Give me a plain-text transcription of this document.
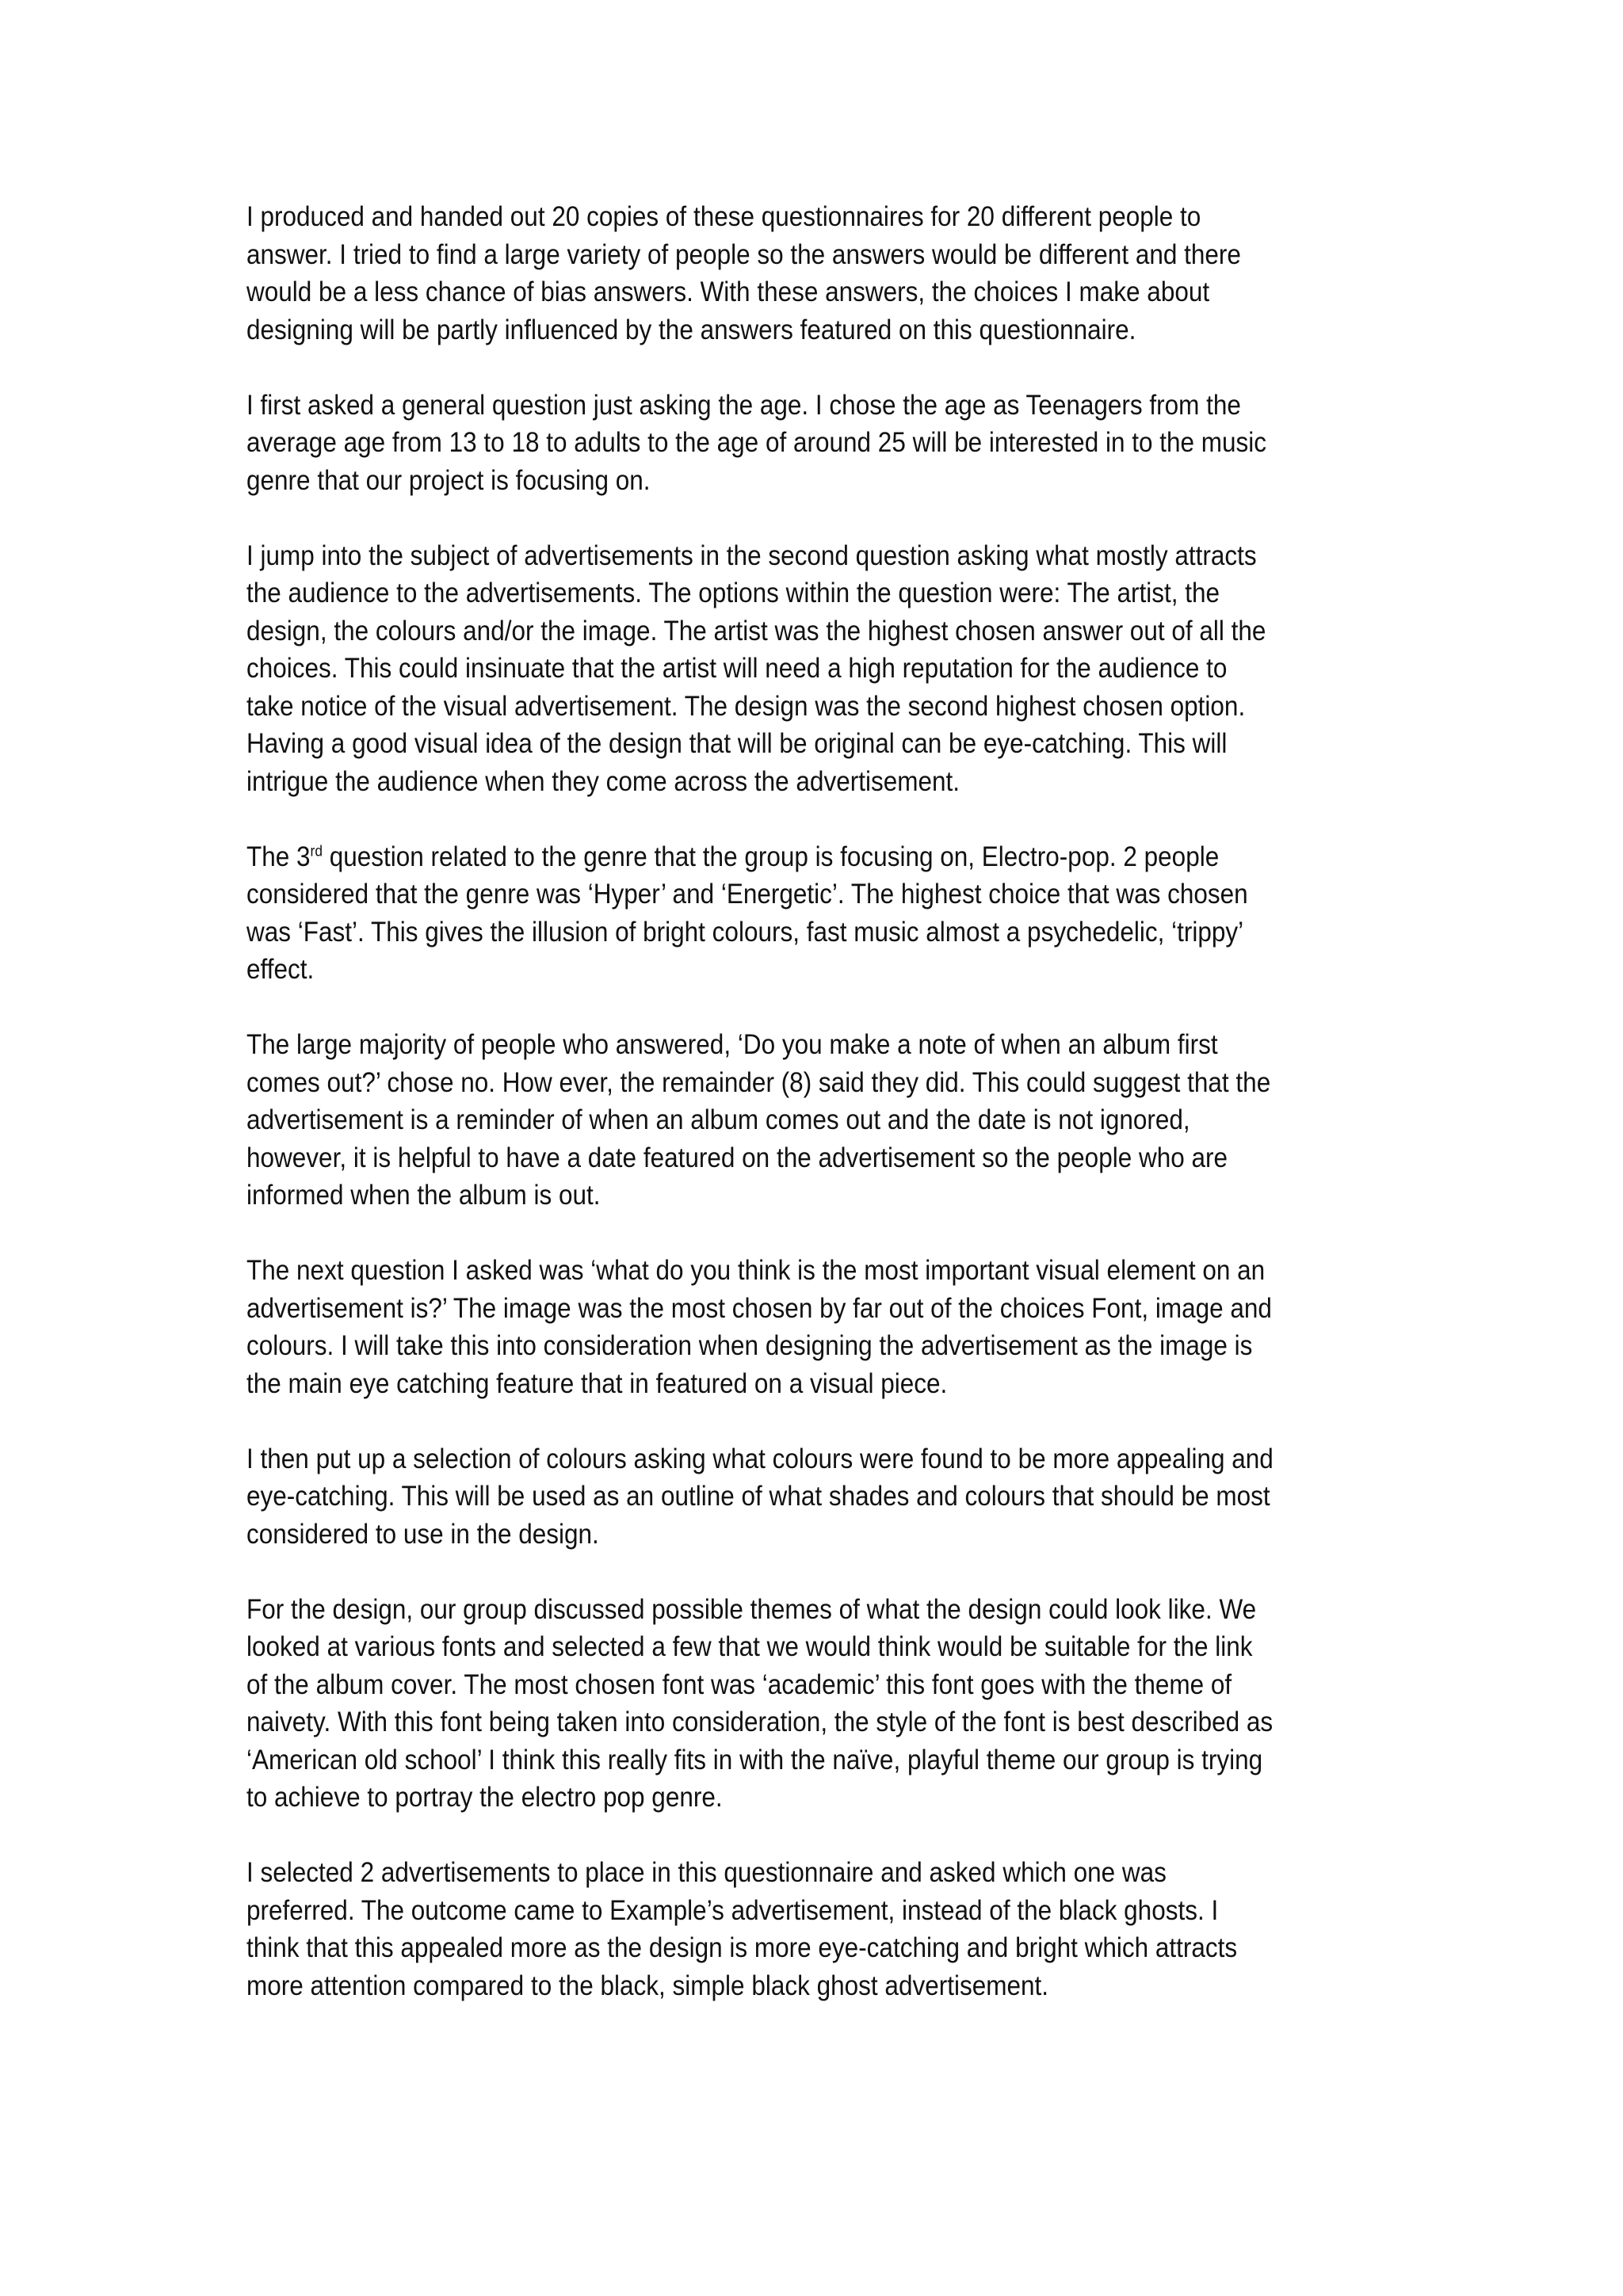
I produced and handed out 20 copies of these questionnaires for 20 different people to answer. I tried to find a large variety of people so the answers would be different and there would be a less chance of bias answers. With these answers, the choices I make about designing will be partly influenced by the answers featured on this questionnaire.

I first asked a general question just asking the age. I chose the age as Teenagers from the average age from 13 to 18 to adults to the age of around 25 will be interested in to the music genre that our project is focusing on.

I jump into the subject of advertisements in the second question asking what mostly attracts the audience to the advertisements. The options within the question were: The artist, the design, the colours and/or the image. The artist was the highest chosen answer out of all the choices. This could insinuate that the artist will need a high reputation for the audience to take notice of the visual advertisement. The design was the second highest chosen option. Having a good visual idea of the design that will be original can be eye-catching. This will intrigue the audience when they come across the advertisement.

The 3rd question related to the genre that the group is focusing on, Electro-pop. 2 people considered that the genre was ‘Hyper’ and ‘Energetic’. The highest choice that was chosen was ‘Fast’. This gives the illusion of bright colours, fast music almost a psychedelic, ‘trippy’ effect.

The large majority of people who answered, ‘Do you make a note of when an album first comes out?’ chose no. How ever, the remainder (8) said they did. This could suggest that the advertisement is a reminder of when an album comes out and the date is not ignored, however, it is helpful to have a date featured on the advertisement so the people who are informed when the album is out.

The next question I asked was ‘what do you think is the most important visual element on an advertisement is?’ The image was the most chosen by far out of the choices Font, image and colours. I will take this into consideration when designing the advertisement as the image is the main eye catching feature that in featured on a visual piece.

I then put up a selection of colours asking what colours were found to be more appealing and eye-catching. This will be used as an outline of what shades and colours that should be most considered to use in the design.

For the design, our group discussed possible themes of what the design could look like. We looked at various fonts and selected a few that we would think would be suitable for the link of the album cover. The most chosen font was ‘academic’ this font goes with the theme of naivety. With this font being taken into consideration, the style of the font is best described as ‘American old school’ I think this really fits in with the naïve, playful theme our group is trying to achieve to portray the electro pop genre.

I selected 2 advertisements to place in this questionnaire and asked which one was preferred. The outcome came to Example’s advertisement, instead of the black ghosts. I think that this appealed more as the design is more eye-catching and bright which attracts more attention compared to the black, simple black ghost advertisement.
